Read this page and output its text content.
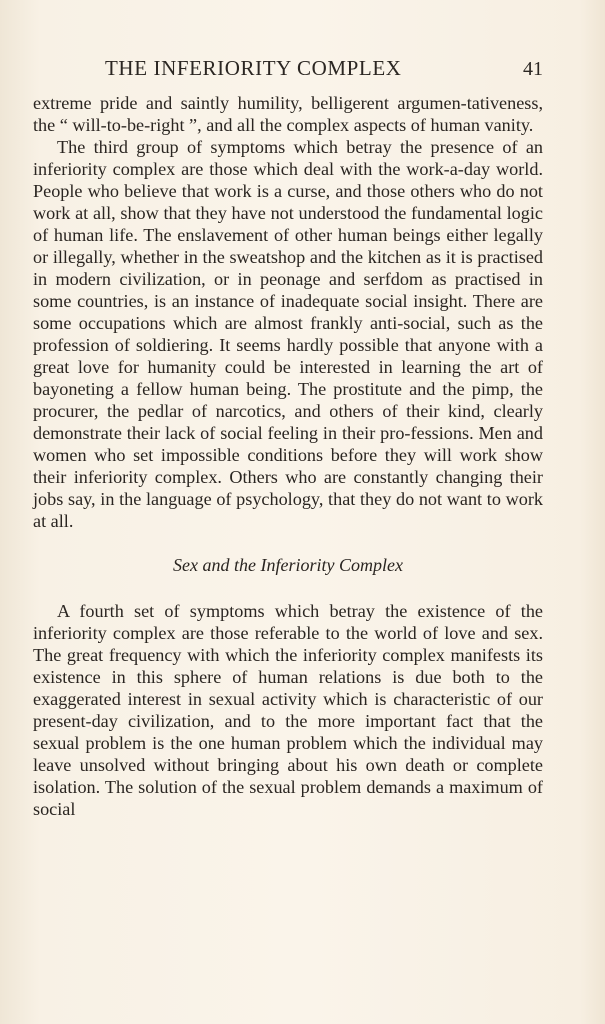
THE INFERIORITY COMPLEX	41

extreme pride and saintly humility, belligerent argumen-tativeness, the “ will-to-be-right ”, and all the complex aspects of human vanity.

The third group of symptoms which betray the presence of an inferiority complex are those which deal with the work-a-day world. People who believe that work is a curse, and those others who do not work at all, show that they have not understood the fundamental logic of human life. The enslavement of other human beings either legally or illegally, whether in the sweatshop and the kitchen as it is practised in modern civilization, or in peonage and serfdom as practised in some countries, is an instance of inadequate social insight. There are some occupations which are almost frankly anti-social, such as the profession of soldiering. It seems hardly possible that anyone with a great love for humanity could be interested in learning the art of bayoneting a fellow human being. The prostitute and the pimp, the procurer, the pedlar of narcotics, and others of their kind, clearly demonstrate their lack of social feeling in their pro-fessions. Men and women who set impossible conditions before they will work show their inferiority complex. Others who are constantly changing their jobs say, in the language of psychology, that they do not want to work at all.

Sex and the Inferiority Complex

A fourth set of symptoms which betray the existence of the inferiority complex are those referable to the world of love and sex. The great frequency with which the inferiority complex manifests its existence in this sphere of human relations is due both to the exaggerated interest in sexual activity which is characteristic of our present-day civilization, and to the more important fact that the sexual problem is the one human problem which the individual may leave unsolved without bringing about his own death or complete isolation. The solution of the sexual problem demands a maximum of social
